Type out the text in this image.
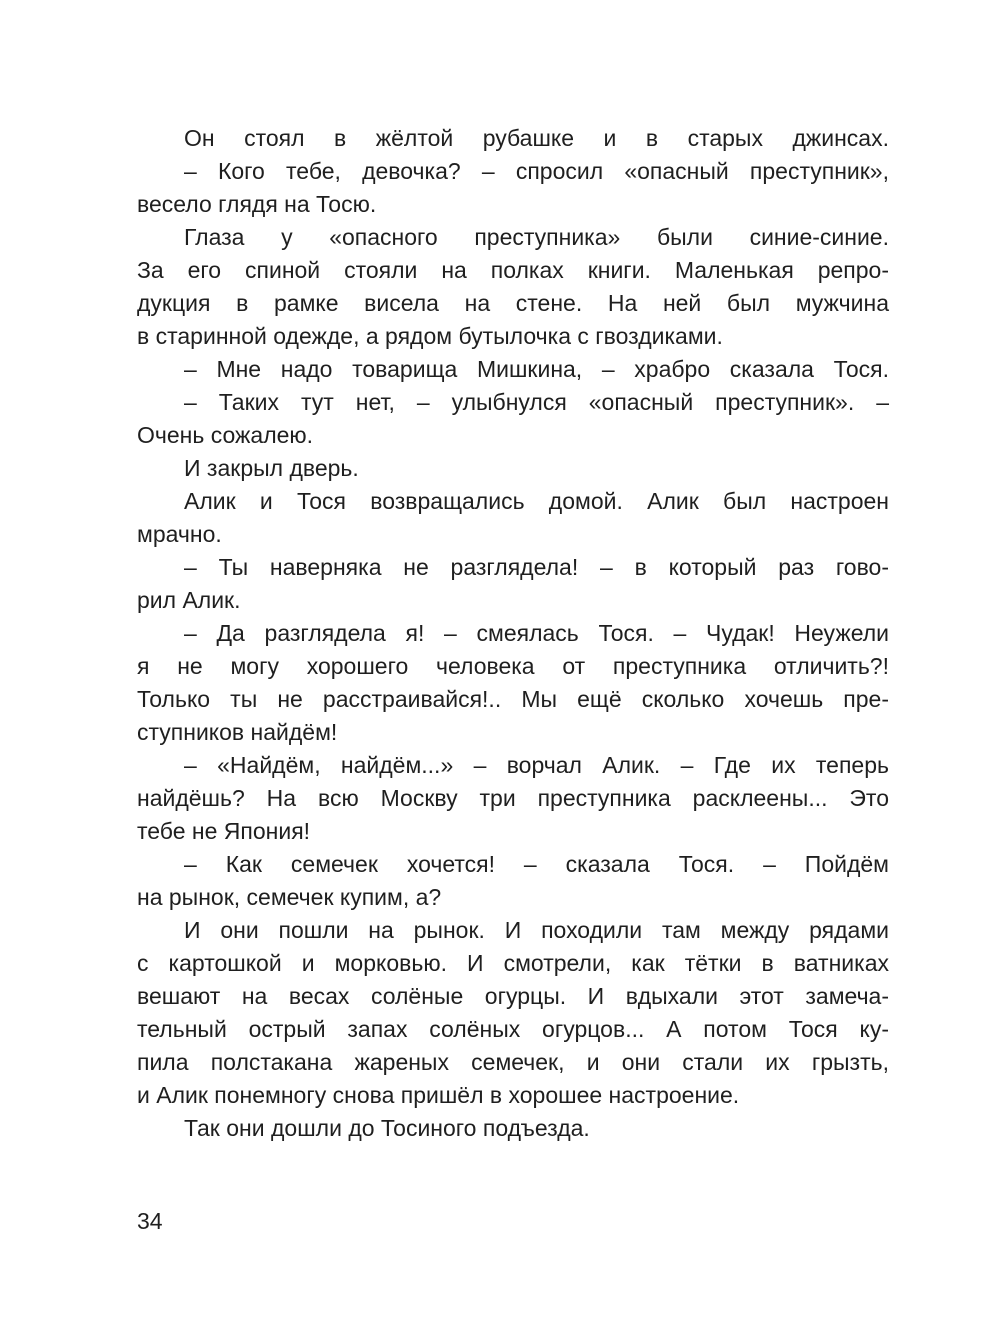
Он стоял в жёлтой рубашке и в старых джинсах.
– Кого тебе, девочка? – спросил «опасный преступник»,
весело глядя на Тосю.
Глаза у «опасного преступника» были синие-синие.
За его спиной стояли на полках книги. Маленькая репро-
дукция в рамке висела на стене. На ней был мужчина
в старинной одежде, а рядом бутылочка с гвоздиками.
– Мне надо товарища Мишкина, – храбро сказала Тося.
– Таких тут нет, – улыбнулся «опасный преступник». –
Очень сожалею.
И закрыл дверь.
Алик и Тося возвращались домой. Алик был настроен
мрачно.
– Ты наверняка не разглядела! – в который раз гово-
рил Алик.
– Да разглядела я! – смеялась Тося. – Чудак! Неужели
я не могу хорошего человека от преступника отличить?!
Только ты не расстраивайся!.. Мы ещё сколько хочешь пре-
ступников найдём!
– «Найдём, найдём...» – ворчал Алик. – Где их теперь
найдёшь? На всю Москву три преступника расклеены... Это
тебе не Япония!
– Как семечек хочется! – сказала Тося. – Пойдём
на рынок, семечек купим, а?
И они пошли на рынок. И походили там между рядами
с картошкой и морковью. И смотрели, как тётки в ватниках
вешают на весах солёные огурцы. И вдыхали этот замеча-
тельный острый запах солёных огурцов... А потом Тося ку-
пила полстакана жареных семечек, и они стали их грызть,
и Алик понемногу снова пришёл в хорошее настроение.
Так они дошли до Тосиного подъезда.
34
